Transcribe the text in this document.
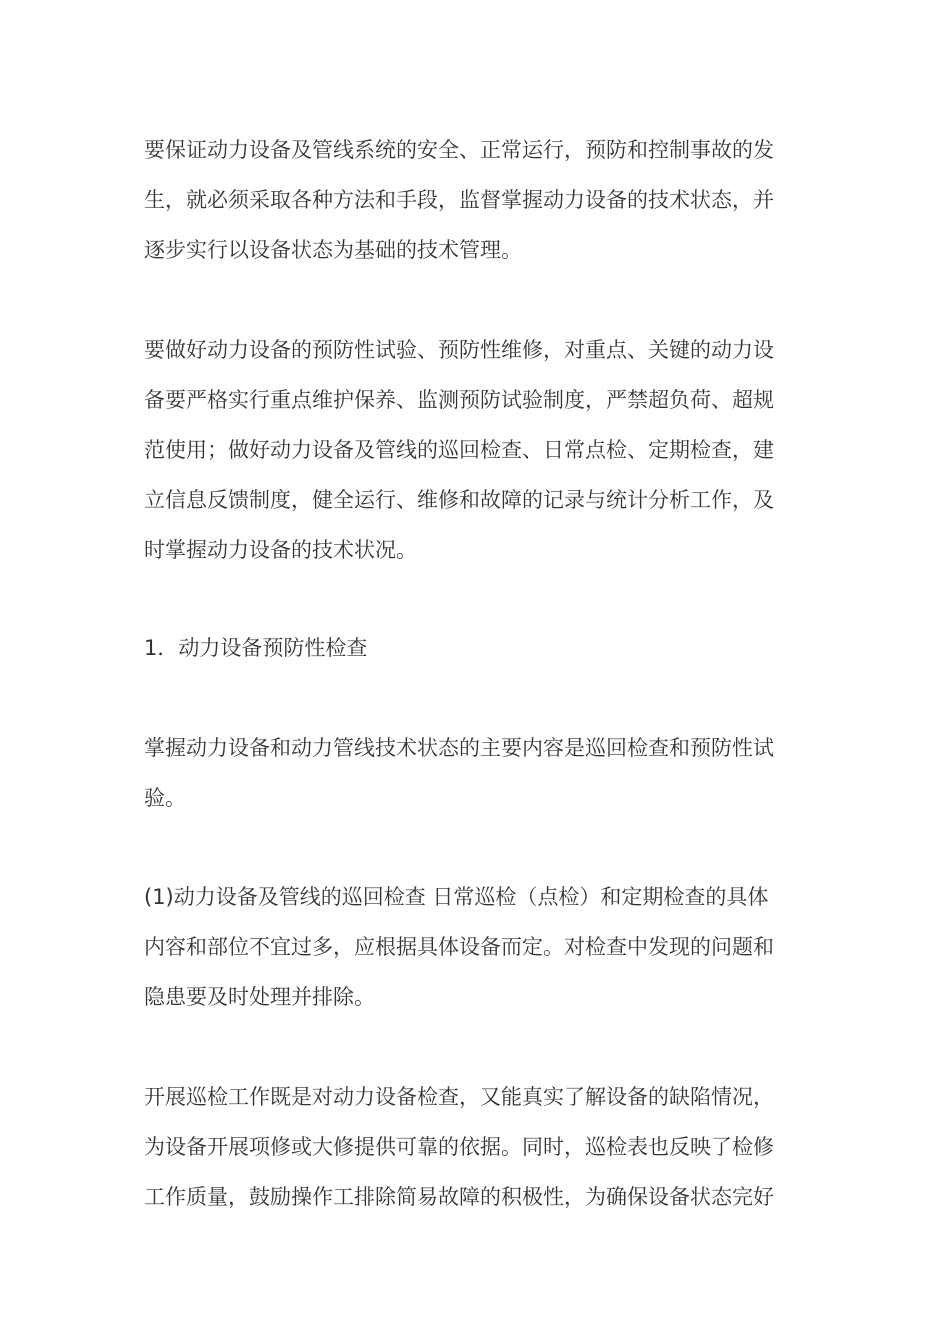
要保证动力设备及管线系统的安全、正常运行，预防和控制事故的发
生，就必须采取各种方法和手段，监督掌握动力设备的技术状态，并
逐步实行以设备状态为基础的技术管理。

要做好动力设备的预防性试验、预防性维修，对重点、关键的动力设
备要严格实行重点维护保养、监测预防试验制度，严禁超负荷、超规
范使用；做好动力设备及管线的巡回检查、日常点检、定期检查，建
立信息反馈制度，健全运行、维修和故障的记录与统计分析工作，及
时掌握动力设备的技术状况。

1．动力设备预防性检查

掌握动力设备和动力管线技术状态的主要内容是巡回检查和预防性试
验。

(1)动力设备及管线的巡回检查 日常巡检（点检）和定期检查的具体
内容和部位不宜过多，应根据具体设备而定。对检查中发现的问题和
隐患要及时处理并排除。

开展巡检工作既是对动力设备检查，又能真实了解设备的缺陷情况，
为设备开展项修或大修提供可靠的依据。同时，巡检表也反映了检修
工作质量，鼓励操作工排除简易故障的积极性，为确保设备状态完好
